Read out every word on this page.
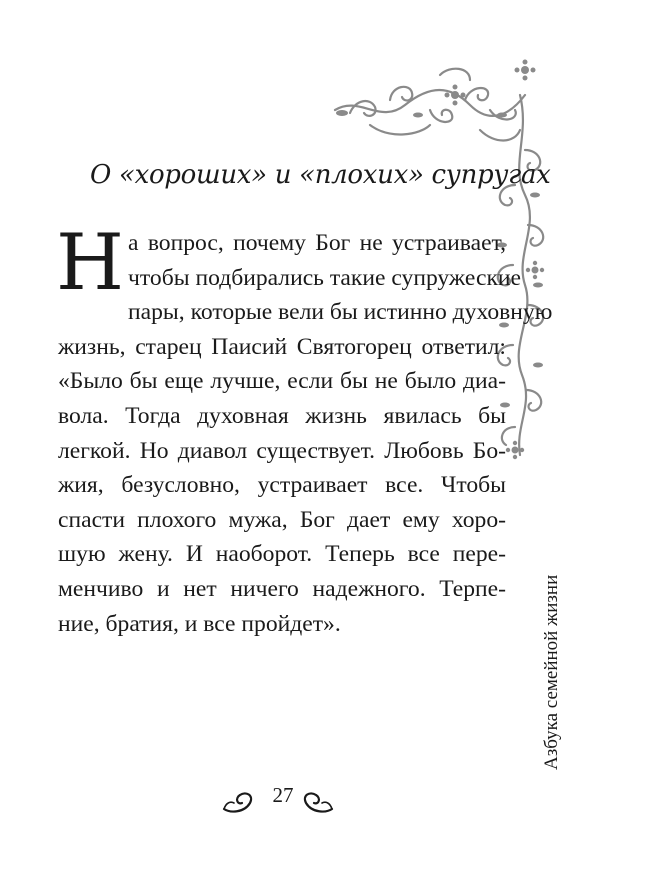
О «хороших» и «плохих» супругах
Н а вопрос, почему Бог не устраивает,
чтобы подбирались такие супружеские
пары, которые вели бы истинно духовную
жизнь, старец Паисий Святогорец ответил:
«Было бы еще лучше, если бы не было диа-
вола. Тогда духовная жизнь явилась бы
легкой. Но диавол существует. Любовь Бо-
жия, безусловно, устраивает все. Чтобы
спасти плохого мужа, Бог дает ему хоро-
шую жену. И наоборот. Теперь все пере-
менчиво и нет ничего надежного. Терпе-
ние, братия, и все пройдет».	Азбука семейной жизни
27
